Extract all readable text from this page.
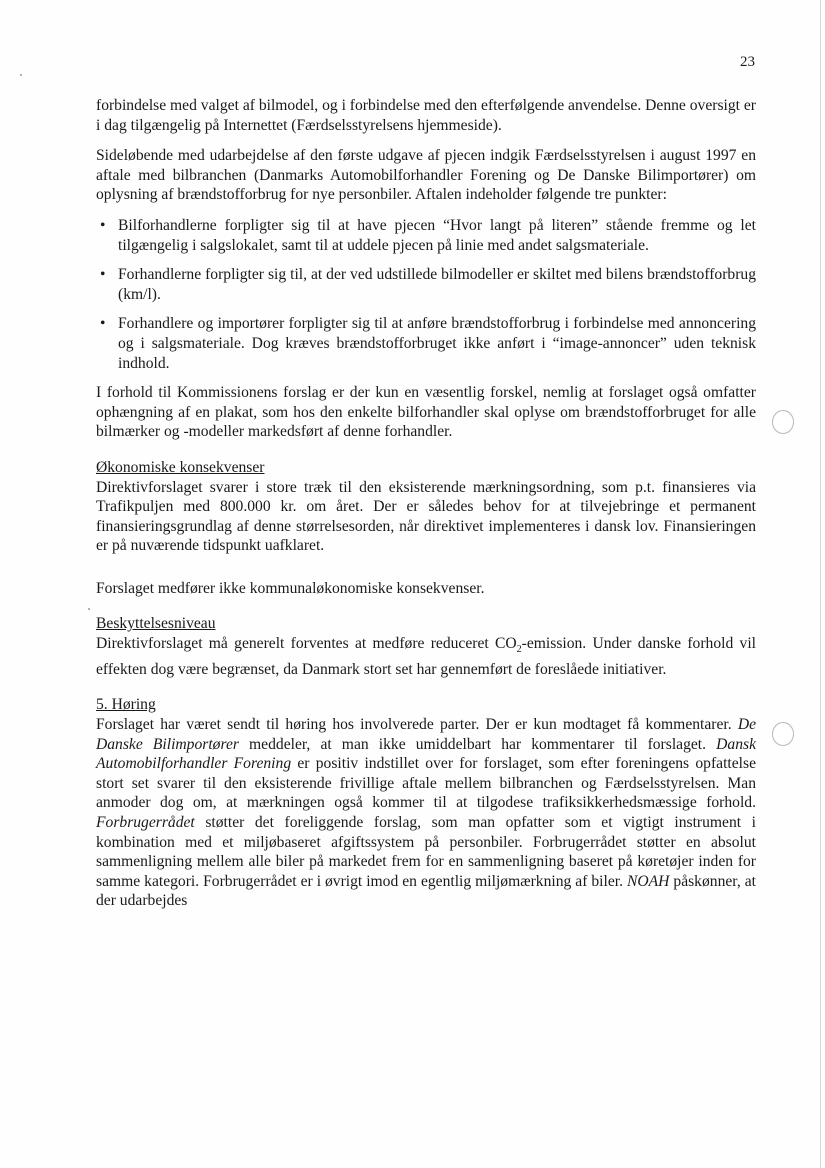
23

forbindelse med valget af bilmodel, og i forbindelse med den efterfølgende anvendelse. Denne oversigt er i dag tilgængelig på Internettet (Færdselsstyrelsens hjemmeside).

Sideløbende med udarbejdelse af den første udgave af pjecen indgik Færdselsstyrelsen i august 1997 en aftale med bilbranchen (Danmarks Automobilforhandler Forening og De Danske Bilimportører) om oplysning af brændstofforbrug for nye personbiler. Aftalen indeholder følgende tre punkter:

• Bilforhandlerne forpligter sig til at have pjecen “Hvor langt på literen” stående fremme og let tilgængelig i salgslokalet, samt til at uddele pjecen på linie med andet salgsmateriale.
• Forhandlerne forpligter sig til, at der ved udstillede bilmodeller er skiltet med bilens brændstofforbrug (km/l).
• Forhandlere og importører forpligter sig til at anføre brændstofforbrug i forbindelse med annoncering og i salgsmateriale. Dog kræves brændstofforbruget ikke anført i “image-annoncer” uden teknisk indhold.

I forhold til Kommissionens forslag er der kun en væsentlig forskel, nemlig at forslaget også omfatter ophængning af en plakat, som hos den enkelte bilforhandler skal oplyse om brændstofforbruget for alle bilmærker og -modeller markedsført af denne forhandler.

Økonomiske konsekvenser

Direktivforslaget svarer i store træk til den eksisterende mærkningsordning, som p.t. finansieres via Trafikpuljen med 800.000 kr. om året. Der er således behov for at tilvejebringe et permanent finansieringsgrundlag af denne størrelsesorden, når direktivet implementeres i dansk lov. Finansieringen er på nuværende tidspunkt uafklaret.

Forslaget medfører ikke kommunaløkonomiske konsekvenser.

Beskyttelsesniveau

Direktivforslaget må generelt forventes at medføre reduceret $CO_2$-emission. Under danske forhold vil effekten dog være begrænset, da Danmark stort set har gennemført de foreslåede initiativer.

5. Høring

Forslaget har været sendt til høring hos involverede parter. Der er kun modtaget få kommentarer. De Danske Bilimportører meddeler, at man ikke umiddelbart har kommentarer til forslaget. Dansk Automobilforhandler Forening er positiv indstillet over for forslaget, som efter foreningens opfattelse stort set svarer til den eksisterende frivillige aftale mellem bilbranchen og Færdselsstyrelsen. Man anmoder dog om, at mærkningen også kommer til at tilgodese trafiksikkerhedsmæssige forhold. Forbrugerrådet støtter det foreliggende forslag, som man opfatter som et vigtigt instrument i kombination med et miljøbaseret afgiftssystem på personbiler. Forbrugerrådet støtter en absolut sammenligning mellem alle biler på markedet frem for en sammenligning baseret på køretøjer inden for samme kategori. Forbrugerrådet er i øvrigt imod en egentlig miljømærkning af biler. NOAH påskønner, at der udarbejdes
